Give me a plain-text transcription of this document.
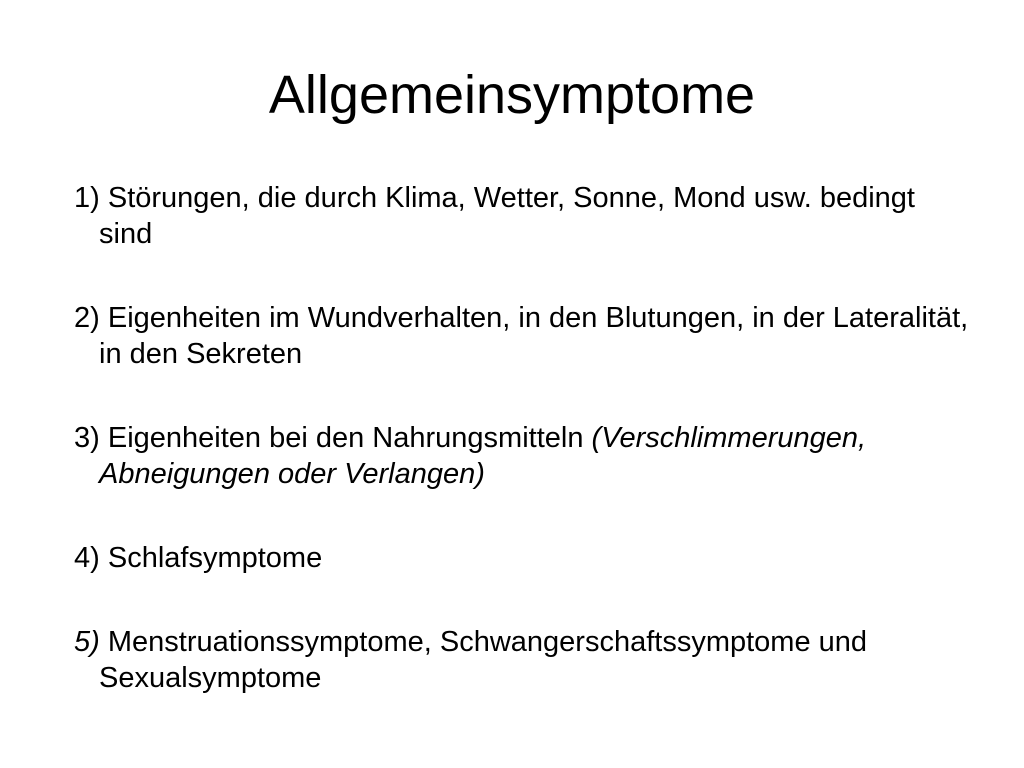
Allgemeinsymptome
1) Störungen, die durch Klima, Wetter, Sonne, Mond usw. bedingt sind
2) Eigenheiten im Wundverhalten, in den Blutungen, in der Lateralität, in den Sekreten
3) Eigenheiten bei den Nahrungsmitteln (Verschlimmerungen, Abneigungen oder Verlangen)
4) Schlafsymptome
5) Menstruationssymptome, Schwangerschaftssymptome und Sexualsymptome
